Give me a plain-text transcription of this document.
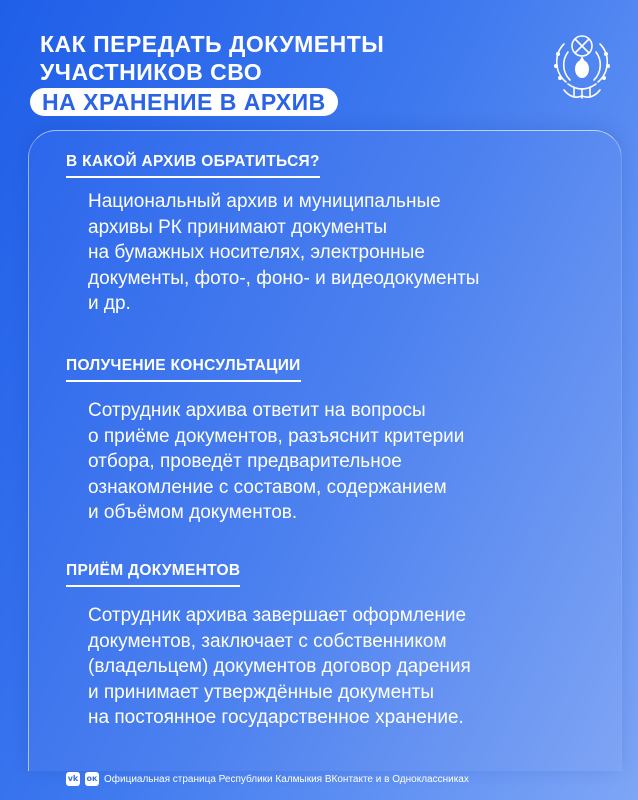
КАК ПЕРЕДАТЬ ДОКУМЕНТЫ
УЧАСТНИКОВ СВО
НА ХРАНЕНИЕ В АРХИВ
В КАКОЙ АРХИВ ОБРАТИТЬСЯ?
Национальный архив и муниципальные
архивы РК принимают документы
на бумажных носителях, электронные
документы, фото-, фоно- и видеодокументы
и др.
ПОЛУЧЕНИЕ КОНСУЛЬТАЦИИ
Сотрудник архива ответит на вопросы
о приёме документов, разъяснит критерии
отбора, проведёт предварительное
ознакомление с составом, содержанием
и объёмом документов.
ПРИЁМ ДОКУМЕНТОВ
Сотрудник архива завершает оформление
документов, заключает с собственником
(владельцем) документов договор дарения
и принимает утверждённые документы
на постоянное государственное хранение.
vk ок Официальная страница Республики Калмыкия ВКонтакте и в Одноклассниках
